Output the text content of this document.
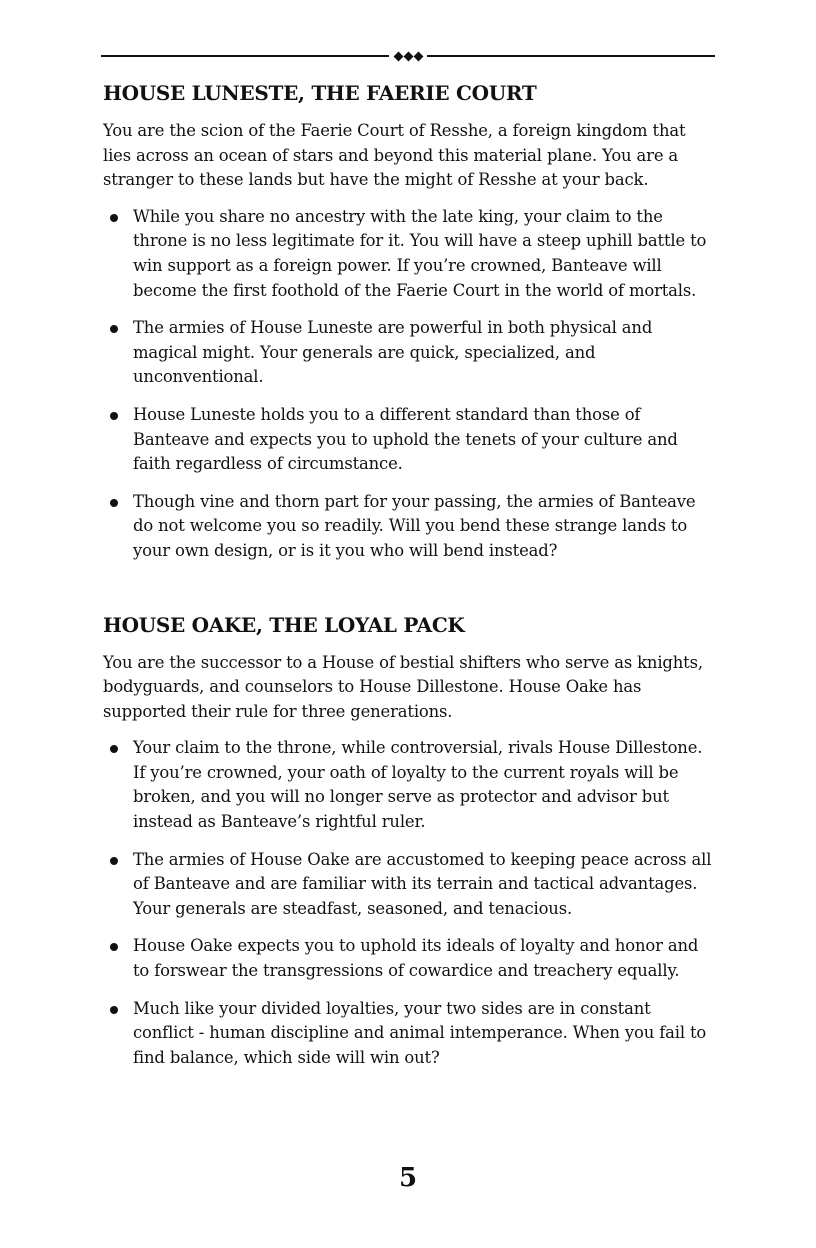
HOUSE LUNESTE, THE FAERIE COURT

You are the scion of the Faerie Court of Resshe, a foreign kingdom that lies across an ocean of stars and beyond this material plane. You are a stranger to these lands but have the might of Resshe at your back.

While you share no ancestry with the late king, your claim to the throne is no less legitimate for it. You will have a steep uphill battle to win support as a foreign power. If you’re crowned, Banteave will become the first foothold of the Faerie Court in the world of mortals.
The armies of House Luneste are powerful in both physical and magical might. Your generals are quick, specialized, and unconventional.
House Luneste holds you to a different standard than those of Banteave and expects you to uphold the tenets of your culture and faith regardless of circumstance.
Though vine and thorn part for your passing, the armies of Banteave do not welcome you so readily. Will you bend these strange lands to your own design, or is it you who will bend instead?
HOUSE OAKE, THE LOYAL PACK

You are the successor to a House of bestial shifters who serve as knights, bodyguards, and counselors to House Dillestone. House Oake has supported their rule for three generations.

Your claim to the throne, while controversial, rivals House Dillestone. If you’re crowned, your oath of loyalty to the current royals will be broken, and you will no longer serve as protector and advisor but instead as Banteave’s rightful ruler.
The armies of House Oake are accustomed to keeping peace across all of Banteave and are familiar with its terrain and tactical advantages. Your generals are steadfast, seasoned, and tenacious.
House Oake expects you to uphold its ideals of loyalty and honor and to forswear the transgressions of cowardice and treachery equally.
Much like your divided loyalties, your two sides are in constant conflict - human discipline and animal intemperance. When you fail to find balance, which side will win out?
5
